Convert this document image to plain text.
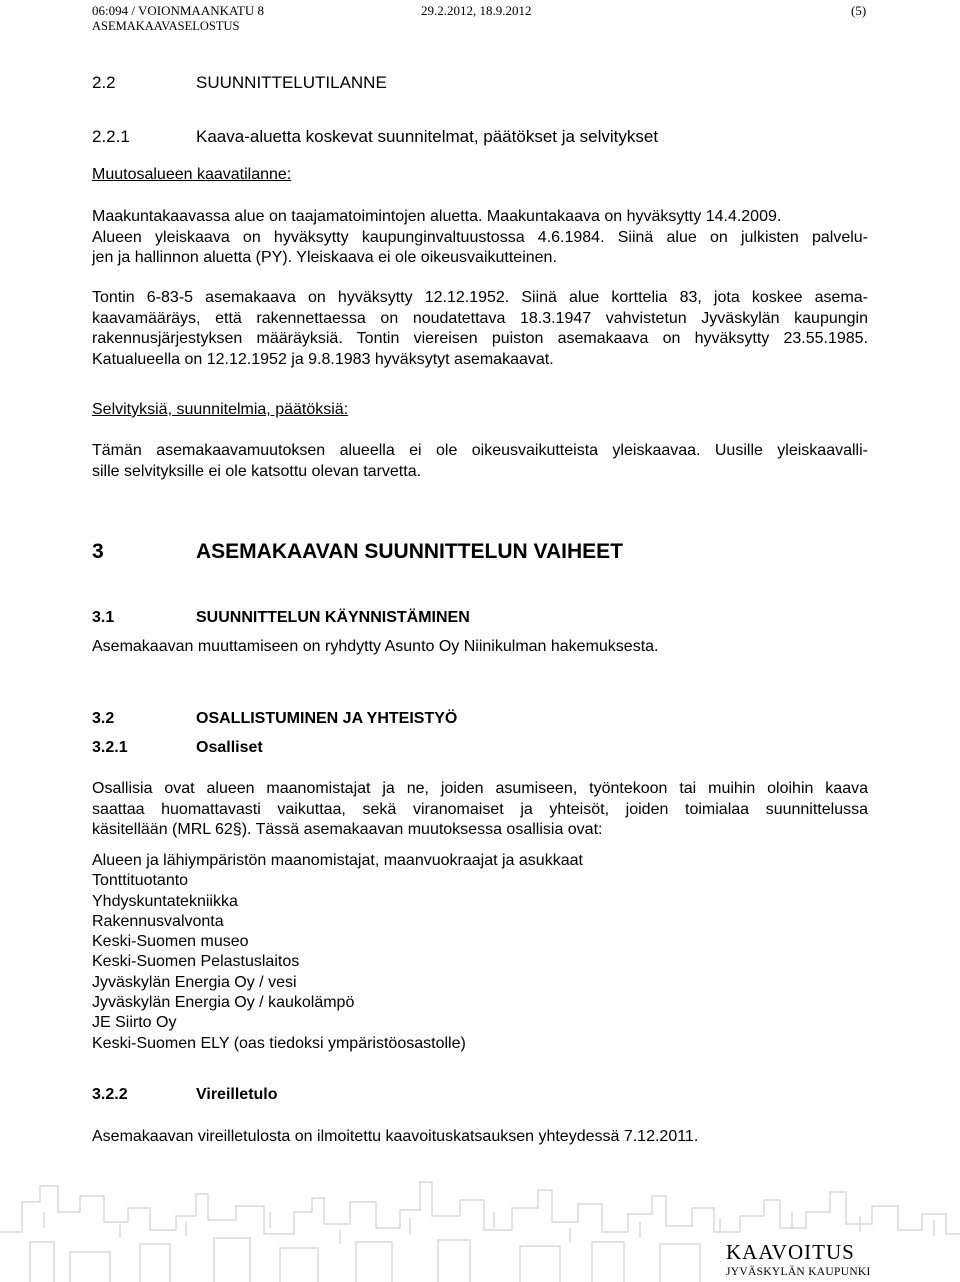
06:094 / VOIONMAANKATU 8
ASEMAKAAVASELOSTUS
29.2.2012, 18.9.2012	(5)
2.2	SUUNNITTELUTILANNE
2.2.1	Kaava-aluetta koskevat suunnitelmat, päätökset ja selvitykset
Muutosalueen kaavatilanne:

Maakuntakaavassa alue on taajamatoimintojen aluetta. Maakuntakaava on hyväksytty 14.4.2009.

Alueen yleiskaava on hyväksytty kaupunginvaltuustossa 4.6.1984. Siinä alue on julkisten palvelu-

jen ja hallinnon aluetta (PY). Yleiskaava ei ole oikeusvaikutteinen.

Tontin 6-83-5 asemakaava on hyväksytty 12.12.1952. Siinä alue korttelia 83, jota koskee asema-

kaavamääräys, että rakennettaessa on noudatettava 18.3.1947 vahvistetun Jyväskylän kaupungin

rakennusjärjestyksen määräyksiä. Tontin viereisen puiston asemakaava on hyväksytty 23.55.1985.

Katualueella on 12.12.1952 ja 9.8.1983 hyväksytyt asemakaavat.

Selvityksiä, suunnitelmia, päätöksiä:

Tämän asemakaavamuutoksen alueella ei ole oikeusvaikutteista yleiskaavaa. Uusille yleiskaavalli-

sille selvityksille ei ole katsottu olevan tarvetta.

3	ASEMAKAAVAN SUUNNITTELUN VAIHEET
3.1	SUUNNITTELUN KÄYNNISTÄMINEN
Asemakaavan muuttamiseen on ryhdytty Asunto Oy Niinikulman hakemuksesta.
3.2	OSALLISTUMINEN JA YHTEISTYÖ
3.2.1	Osalliset

Osallisia ovat alueen maanomistajat ja ne, joiden asumiseen, työntekoon tai muihin oloihin kaava

saattaa huomattavasti vaikuttaa, sekä viranomaiset ja yhteisöt, joiden toimialaa suunnittelussa

käsitellään (MRL 62§). Tässä asemakaavan muutoksessa osallisia ovat:

Alueen ja lähiympäristön maanomistajat, maanvuokraajat ja asukkaat
Tonttituotanto
Yhdyskuntatekniikka
Rakennusvalvonta
Keski-Suomen museo
Keski-Suomen Pelastuslaitos
Jyväskylän Energia Oy / vesi
Jyväskylän Energia Oy / kaukolämpö
JE Siirto Oy
Keski-Suomen ELY (oas tiedoksi ympäristöosastolle)
3.2.2	Vireilletulo
Asemakaavan vireilletulosta on ilmoitettu kaavoituskatsauksen yhteydessä 7.12.2011.
KAAVOITUS
JYVÄSKYLÄN KAUPUNKI
